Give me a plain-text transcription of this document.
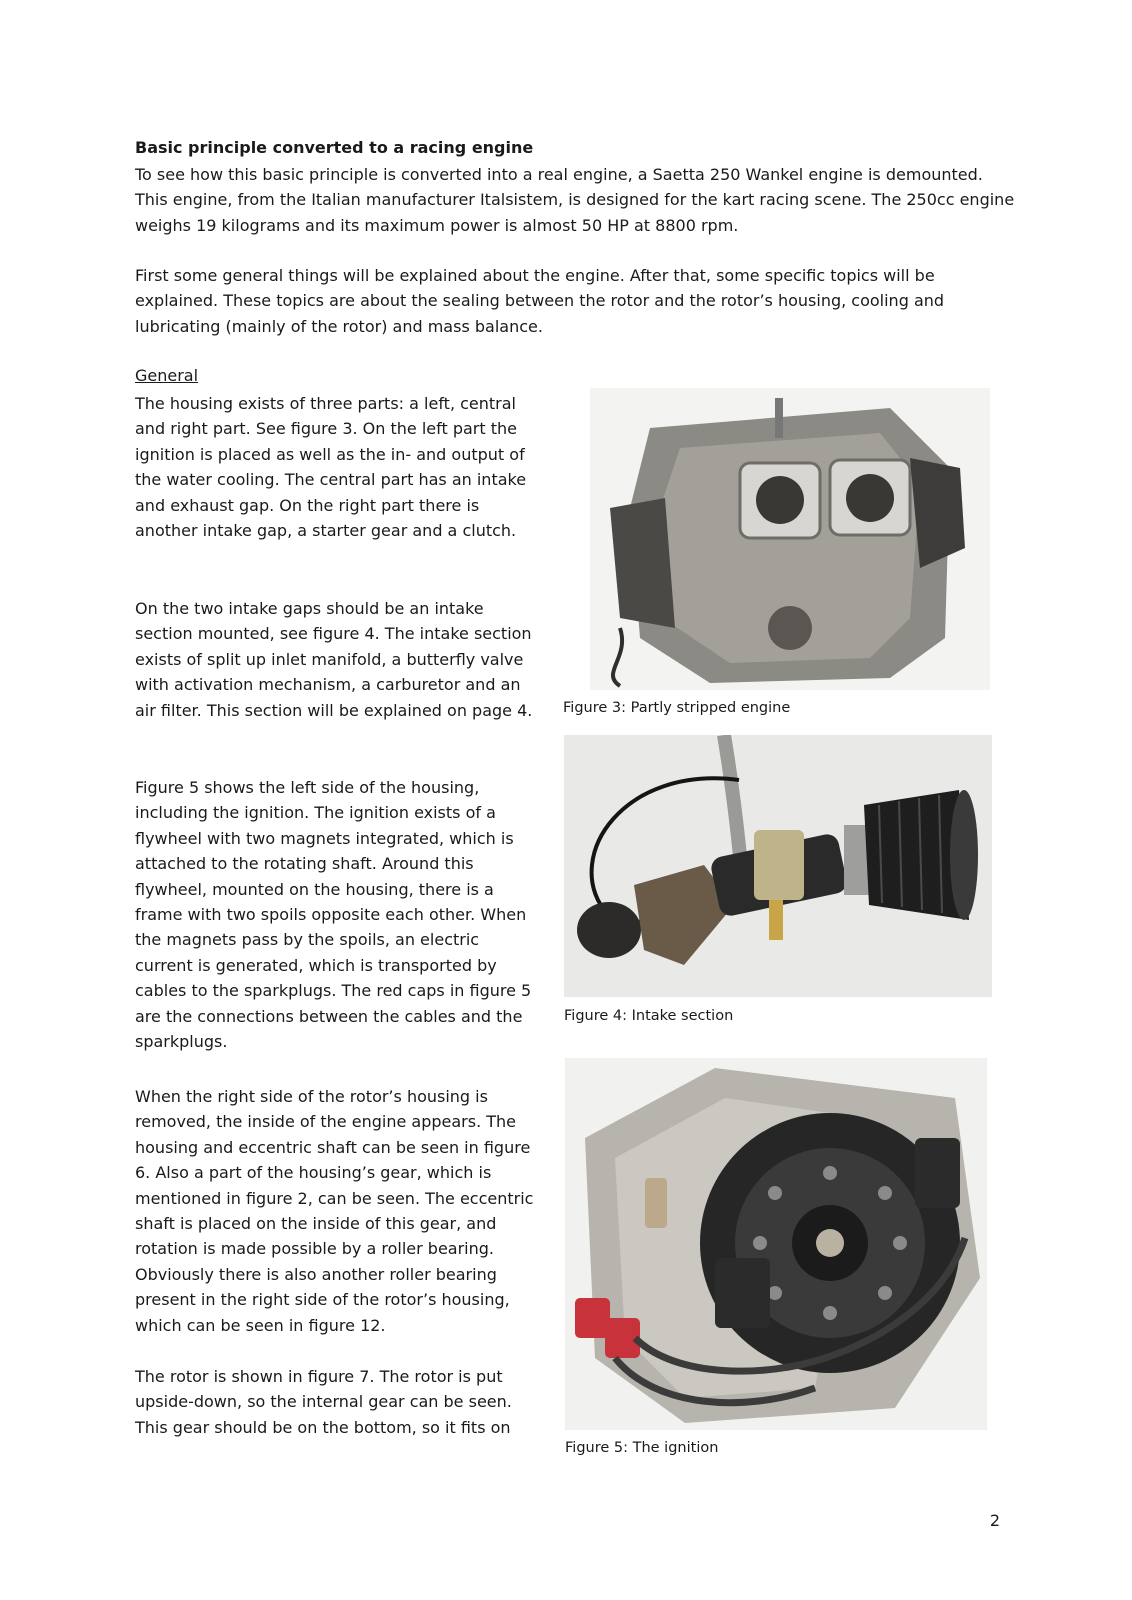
Basic principle converted to a racing engine

To see how this basic principle is converted into a real engine, a Saetta 250 Wankel engine is demounted. This engine, from the Italian manufacturer Italsistem, is designed for the kart racing scene. The 250cc engine weighs 19 kilograms and its maximum power is almost 50 HP at 8800 rpm.

First some general things will be explained about the engine. After that, some specific topics will be explained. These topics are about the sealing between the rotor and the rotor’s housing, cooling and lubricating (mainly of the rotor) and mass balance.

General

The housing exists of three parts: a left, central and right part. See figure 3. On the left part the ignition is placed as well as the in- and output of the water cooling. The central part has an intake and exhaust gap. On the right part there is another intake gap, a starter gear and a clutch.

On the two intake gaps should be an intake section mounted, see figure 4. The intake section exists of split up inlet manifold, a butterfly valve with activation mechanism, a carburetor and an air filter. This section will be explained on page 4.

Figure 5 shows the left side of the housing, including the ignition. The ignition exists of a flywheel with two magnets integrated, which is attached to the rotating shaft. Around this flywheel, mounted on the housing, there is a frame with two spoils opposite each other. When the magnets pass by the spoils, an electric current is generated, which is transported by cables to the sparkplugs. The red caps in figure 5 are the connections between the cables and the sparkplugs.

When the right side of the rotor’s housing is removed, the inside of the engine appears. The housing and eccentric shaft can be seen in figure 6. Also a part of the housing’s gear, which is mentioned in figure 2, can be seen. The eccentric shaft is placed on the inside of this gear, and rotation is made possible by a roller bearing. Obviously there is also another roller bearing present in the right side of the rotor’s housing, which can be seen in figure 12.

The rotor is shown in figure 7. The rotor is put upside-down, so the internal gear can be seen. This gear should be on the bottom, so it fits on

Figure 3: Partly stripped engine

Figure 4: Intake section

Figure 5: The ignition

2
